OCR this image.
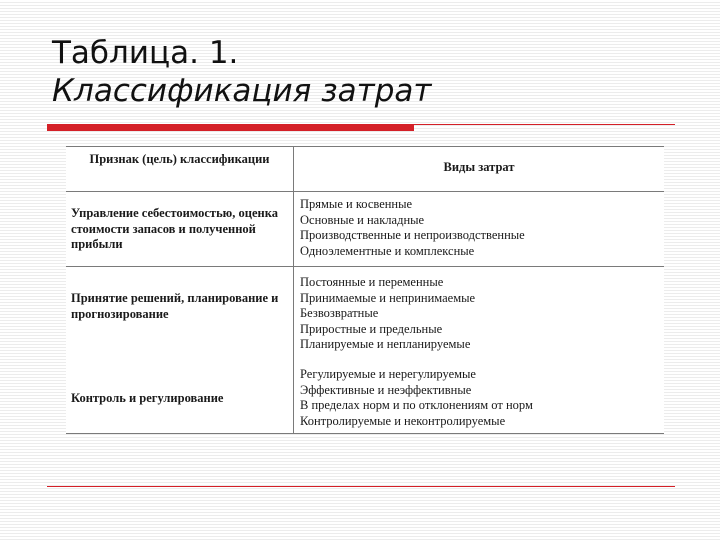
Таблица. 1.
Классификация затрат
Признак (цель) классификации
Виды затрат
Управление себестоимостью, оценка стоимости запасов и полученной прибыли
Прямые и косвенные
Основные и накладные
Производственные и непроизводственные
Одноэлементные и комплексные
Принятие решений, планирование и прогнозирование
Постоянные и переменные
Принимаемые и непринимаемые
Безвозвратные
Приростные и предельные
Планируемые и непланируемые
Контроль и регулирование
Регулируемые и нерегулируемые
Эффективные и неэффективные
В пределах норм и по отклонениям от норм
Контролируемые и неконтролируемые
